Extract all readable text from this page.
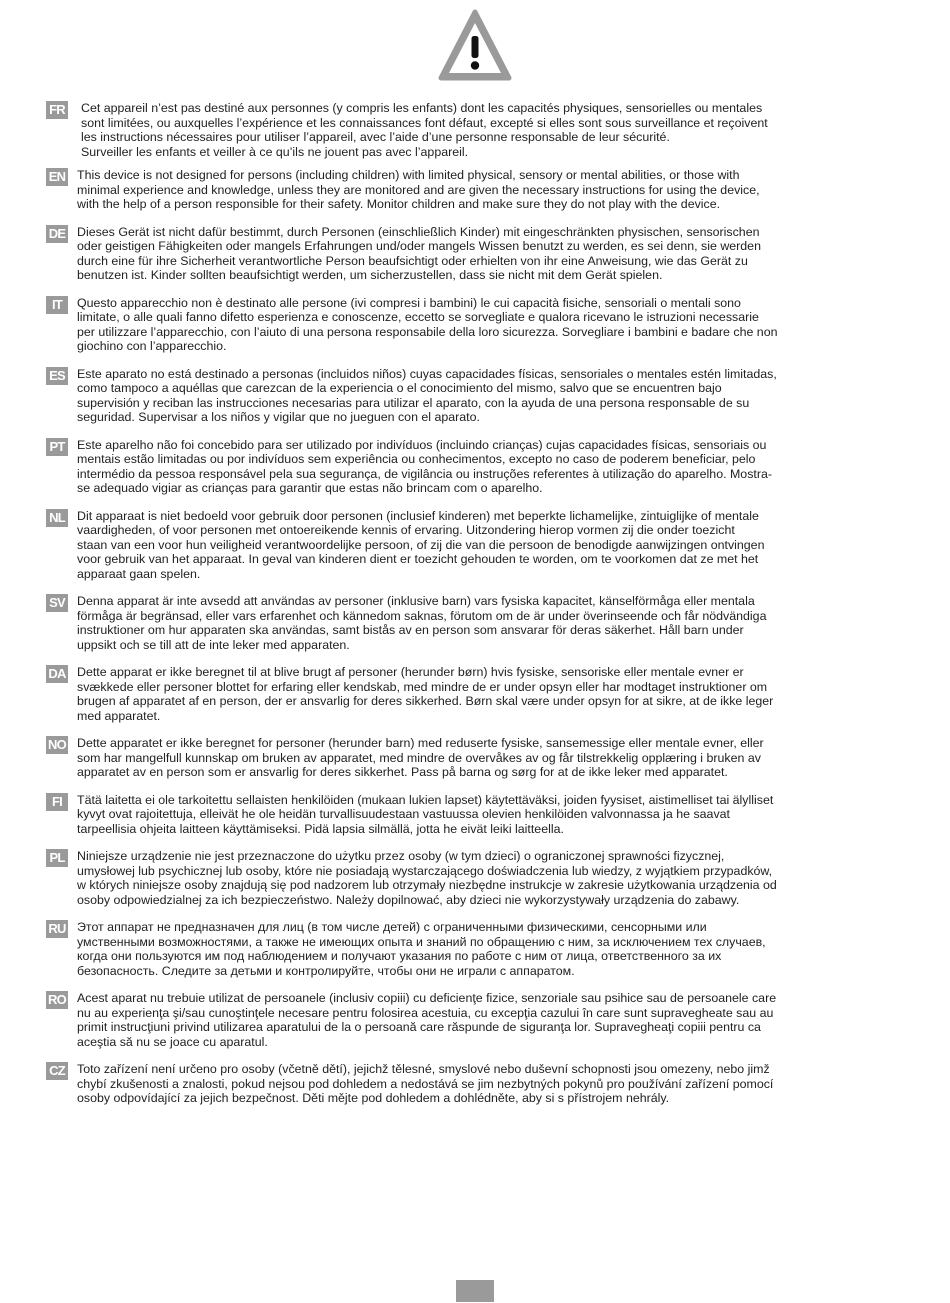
FR	Cet appareil n’est pas destiné aux personnes (y compris les enfants) dont les capacités physiques, sensorielles ou mentales
sont limitées, ou auxquelles l’expérience et les connaissances font défaut, excepté si elles sont sous surveillance et reçoivent
les instructions nécessaires pour utiliser l’appareil, avec l’aide d’une personne responsable de leur sécurité.
Surveiller les enfants et veiller à ce qu’ils ne jouent pas avec l’appareil.

EN This device is not designed for persons (including children) with limited physical, sensory or mental abilities, or those with
minimal experience and knowledge, unless they are monitored and are given the necessary instructions for using the device,
with the help of a person responsible for their safety. Monitor children and make sure they do not play with the device.

DE Dieses Gerät ist nicht dafür bestimmt, durch Personen (einschließlich Kinder) mit eingeschränkten physischen, sensorischen
oder geistigen Fähigkeiten oder mangels Erfahrungen und/oder mangels Wissen benutzt zu werden, es sei denn, sie werden
durch eine für ihre Sicherheit verantwortliche Person beaufsichtigt oder erhielten von ihr eine Anweisung, wie das Gerät zu
benutzen ist. Kinder sollten beaufsichtigt werden, um sicherzustellen, dass sie nicht mit dem Gerät spielen.

IT	Questo apparecchio non è destinato alle persone (ivi compresi i bambini) le cui capacità fisiche, sensoriali o mentali sono
limitate, o alle quali fanno difetto esperienza e conoscenze, eccetto se sorvegliate e qualora ricevano le istruzioni necessarie
per utilizzare l’apparecchio, con l’aiuto di una persona responsabile della loro sicurezza. Sorvegliare i bambini e badare che non
giochino con l’apparecchio.

ES Este aparato no está destinado a personas (incluidos niños) cuyas capacidades físicas, sensoriales o mentales estén limitadas,
como tampoco a aquéllas que carezcan de la experiencia o el conocimiento del mismo, salvo que se encuentren bajo
supervisión y reciban las instrucciones necesarias para utilizar el aparato, con la ayuda de una persona responsable de su
seguridad. Supervisar a los niños y vigilar que no jueguen con el aparato.

PT Este aparelho não foi concebido para ser utilizado por indivíduos (incluindo crianças) cujas capacidades físicas, sensoriais ou
mentais estão limitadas ou por indivíduos sem experiência ou conhecimentos, excepto no caso de poderem beneficiar, pelo
intermédio da pessoa responsável pela sua segurança, de vigilância ou instruções referentes à utilização do aparelho. Mostra-
se adequado vigiar as crianças para garantir que estas não brincam com o aparelho.

NL Dit apparaat is niet bedoeld voor gebruik door personen (inclusief kinderen) met beperkte lichamelijke, zintuiglijke of mentale
vaardigheden, of voor personen met ontoereikende kennis of ervaring. Uitzondering hierop vormen zij die onder toezicht
staan van een voor hun veiligheid verantwoordelijke persoon, of zij die van die persoon de benodigde aanwijzingen ontvingen
voor gebruik van het apparaat. In geval van kinderen dient er toezicht gehouden te worden, om te voorkomen dat ze met het
apparaat gaan spelen.

SV Denna apparat är inte avsedd att användas av personer (inklusive barn) vars fysiska kapacitet, känselförmåga eller mentala
förmåga är begränsad, eller vars erfarenhet och kännedom saknas, förutom om de är under överinseende och får nödvändiga
instruktioner om hur apparaten ska användas, samt bistås av en person som ansvarar för deras säkerhet. Håll barn under
uppsikt och se till att de inte leker med apparaten.

DA Dette apparat er ikke beregnet til at blive brugt af personer (herunder børn) hvis fysiske, sensoriske eller mentale evner er
svækkede eller personer blottet for erfaring eller kendskab, med mindre de er under opsyn eller har modtaget instruktioner om
brugen af apparatet af en person, der er ansvarlig for deres sikkerhed. Børn skal være under opsyn for at sikre, at de ikke leger
med apparatet.

NO Dette apparatet er ikke beregnet for personer (herunder barn) med reduserte fysiske, sansemessige eller mentale evner, eller
som har mangelfull kunnskap om bruken av apparatet, med mindre de overvåkes av og får tilstrekkelig opplæring i bruken av
apparatet av en person som er ansvarlig for deres sikkerhet. Pass på barna og sørg for at de ikke leker med apparatet.

FI	Tätä laitetta ei ole tarkoitettu sellaisten henkilöiden (mukaan lukien lapset) käytettäväksi, joiden fyysiset, aistimelliset tai älylliset
kyvyt ovat rajoitettuja, elleivät he ole heidän turvallisuudestaan vastuussa olevien henkilöiden valvonnassa ja he saavat
tarpeellisia ohjeita laitteen käyttämiseksi. Pidä lapsia silmällä, jotta he eivät leiki laitteella.

PL Niniejsze urządzenie nie jest przeznaczone do użytku przez osoby (w tym dzieci) o ograniczonej sprawności fizycznej,
umysłowej lub psychicznej lub osoby, które nie posiadają wystarczającego doświadczenia lub wiedzy, z wyjątkiem przypadków,
w których niniejsze osoby znajdują się pod nadzorem lub otrzymały niezbędne instrukcje w zakresie użytkowania urządzenia od
osoby odpowiedzialnej za ich bezpieczeństwo. Należy dopilnować, aby dzieci nie wykorzystywały urządzenia do zabawy.

RU Этот аппарат не предназначен для лиц (в том числе детей) с ограниченными физическими, сенсорными или
умственными возможностями, а также не имеющих опыта и знаний по обращению с ним, за исключением тех случаев,
когда они пользуются им под наблюдением и получают указания по работе с ним от лица, ответственного за их
безопасность. Следите за детьми и контролируйте, чтобы они не играли с аппаратом.

RO Acest aparat nu trebuie utilizat de persoanele (inclusiv copiii) cu deficienţe fizice, senzoriale sau psihice sau de persoanele care
nu au experienţa şi/sau cunoştinţele necesare pentru folosirea acestuia, cu excepţia cazului în care sunt supravegheate sau au
primit instrucţiuni privind utilizarea aparatului de la o persoană care răspunde de siguranţa lor. Supravegheaţi copiii pentru ca
aceştia să nu se joace cu aparatul.

CZ Toto zařízení není určeno pro osoby (včetně dětí), jejichž tělesné, smyslové nebo duševní schopnosti jsou omezeny, nebo jimž
chybí zkušenosti a znalosti, pokud nejsou pod dohledem a nedostává se jim nezbytných pokynů pro používání zařízení pomocí
osoby odpovídající za jejich bezpečnost. Děti mějte pod dohledem a dohlédněte, aby si s přístrojem nehrály.
